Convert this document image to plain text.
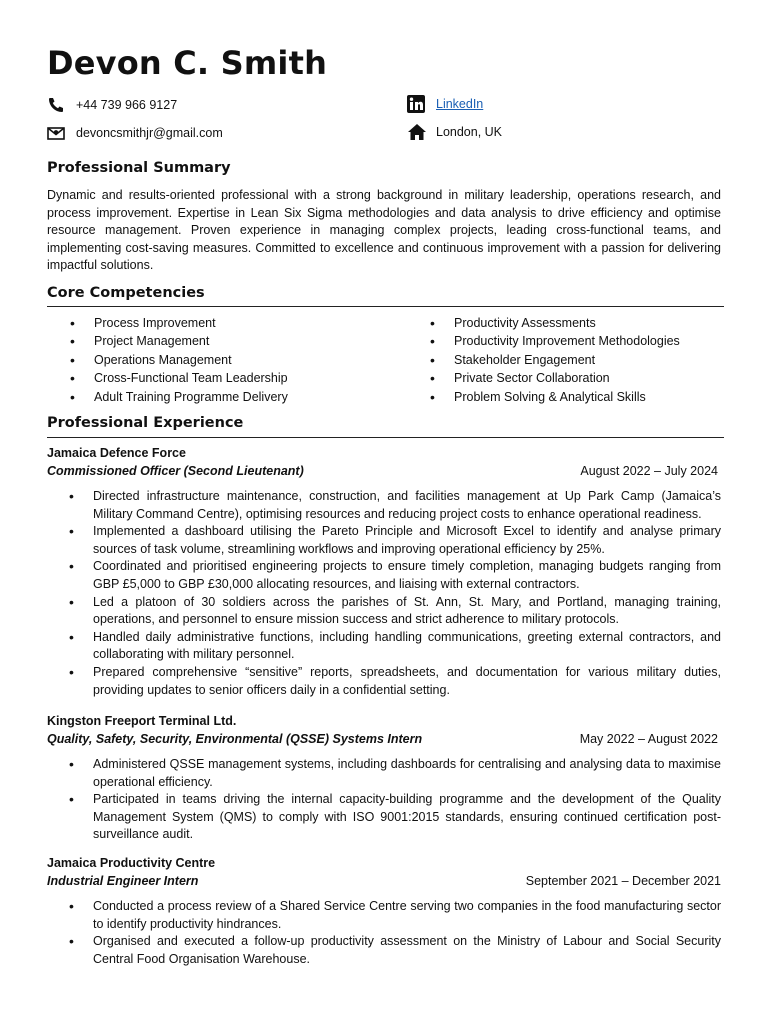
Devon C. Smith
+44 739 966 9127	LinkedIn
devoncsmithjr@gmail.com	London, UK
Professional Summary
Dynamic and results-oriented professional with a strong background in military leadership, operations research, and process improvement. Expertise in Lean Six Sigma methodologies and data analysis to drive efficiency and optimise resource management. Proven experience in managing complex projects, leading cross-functional teams, and implementing cost-saving measures. Committed to excellence and continuous improvement with a passion for delivering impactful solutions.
Core Competencies
• Process Improvement
• Project Management
• Operations Management
• Cross-Functional Team Leadership
• Adult Training Programme Delivery
• Productivity Assessments
• Productivity Improvement Methodologies
• Stakeholder Engagement
• Private Sector Collaboration
• Problem Solving & Analytical Skills
Professional Experience
Jamaica Defence Force
Commissioned Officer (Second Lieutenant)	August 2022 – July 2024
• Directed infrastructure maintenance, construction, and facilities management at Up Park Camp (Jamaica’s Military Command Centre), optimising resources and reducing project costs to enhance operational readiness.
• Implemented a dashboard utilising the Pareto Principle and Microsoft Excel to identify and analyse primary sources of task volume, streamlining workflows and improving operational efficiency by 25%.
• Coordinated and prioritised engineering projects to ensure timely completion, managing budgets ranging from GBP £5,000 to GBP £30,000 allocating resources, and liaising with external contractors.
• Led a platoon of 30 soldiers across the parishes of St. Ann, St. Mary, and Portland, managing training, operations, and personnel to ensure mission success and strict adherence to military protocols.
• Handled daily administrative functions, including handling communications, greeting external contractors, and collaborating with military personnel.
• Prepared comprehensive “sensitive” reports, spreadsheets, and documentation for various military duties, providing updates to senior officers daily in a confidential setting.
Kingston Freeport Terminal Ltd.
Quality, Safety, Security, Environmental (QSSE) Systems Intern	May 2022 – August 2022
• Administered QSSE management systems, including dashboards for centralising and analysing data to maximise operational efficiency.
• Participated in teams driving the internal capacity-building programme and the development of the Quality Management System (QMS) to comply with ISO 9001:2015 standards, ensuring continued certification post-surveillance audit.
Jamaica Productivity Centre
Industrial Engineer Intern	September 2021 – December 2021
• Conducted a process review of a Shared Service Centre serving two companies in the food manufacturing sector to identify productivity hindrances.
• Organised and executed a follow-up productivity assessment on the Ministry of Labour and Social Security Central Food Organisation Warehouse.
